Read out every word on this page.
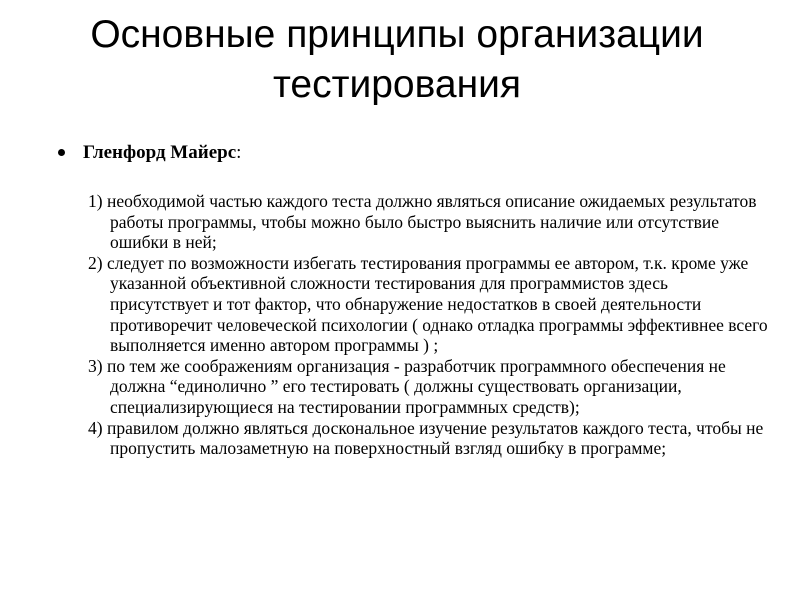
Основные принципы организации
тестирования
Гленфорд Майерс:
1) необходимой частью каждого теста должно являться описание ожидаемых результатов работы программы, чтобы можно было быстро выяснить наличие или отсутствие ошибки в ней;
2) следует по возможности избегать тестирования программы ее автором, т.к. кроме уже указанной объективной сложности тестирования для программистов здесь присутствует и тот фактор, что обнаружение недостатков в своей деятельности противоречит человеческой психологии ( однако отладка программы эффективнее всего выполняется именно автором программы ) ;
3) по тем же соображениям организация - разработчик программного обеспечения не должна “единолично ” его тестировать ( должны существовать организации, специализирующиеся на тестировании программных средств);
4) правилом должно являться доскональное изучение результатов каждого теста, чтобы не пропустить малозаметную на поверхностный взгляд ошибку в программе;
